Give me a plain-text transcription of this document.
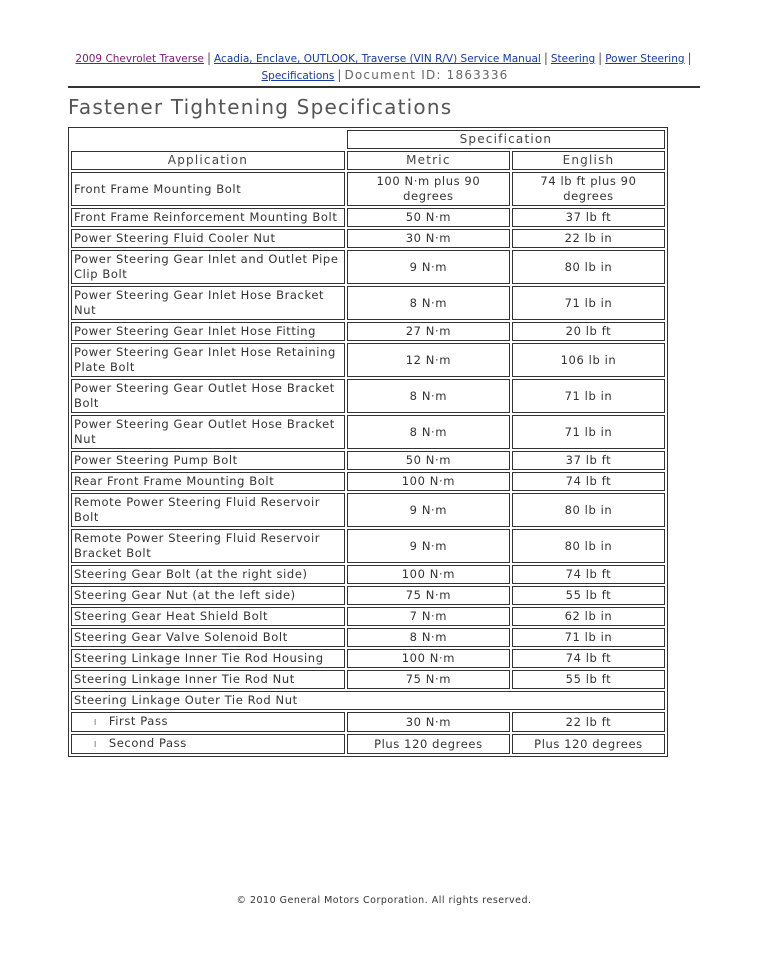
2009 Chevrolet Traverse | Acadia, Enclave, OUTLOOK, Traverse (VIN R/V) Service Manual | Steering | Power Steering |
Specifications | Document ID: 1863336
Fastener Tightening Specifications
	Specification	
Application	Metric	English
Front Frame Mounting Bolt	100 N·m plus 90 degrees	74 lb ft plus 90 degrees
Front Frame Reinforcement Mounting Bolt	50 N·m	37 lb ft
Power Steering Fluid Cooler Nut	30 N·m	22 lb in
Power Steering Gear Inlet and Outlet Pipe Clip Bolt	9 N·m	80 lb in
Power Steering Gear Inlet Hose Bracket Nut	8 N·m	71 lb in
Power Steering Gear Inlet Hose Fitting	27 N·m	20 lb ft
Power Steering Gear Inlet Hose Retaining Plate Bolt	12 N·m	106 lb in
Power Steering Gear Outlet Hose Bracket Bolt	8 N·m	71 lb in
Power Steering Gear Outlet Hose Bracket Nut	8 N·m	71 lb in
Power Steering Pump Bolt	50 N·m	37 lb ft
Rear Front Frame Mounting Bolt	100 N·m	74 lb ft
Remote Power Steering Fluid Reservoir Bolt	9 N·m	80 lb in
Remote Power Steering Fluid Reservoir Bracket Bolt	9 N·m	80 lb in
Steering Gear Bolt (at the right side)	100 N·m	74 lb ft
Steering Gear Nut (at the left side)	75 N·m	55 lb ft
Steering Gear Heat Shield Bolt	7 N·m	62 lb in
Steering Gear Valve Solenoid Bolt	8 N·m	71 lb in
Steering Linkage Inner Tie Rod Housing	100 N·m	74 lb ft
Steering Linkage Inner Tie Rod Nut	75 N·m	55 lb ft
Steering Linkage Outer Tie Rod Nut		
l First Pass	30 N·m	22 lb ft
l Second Pass	Plus 120 degrees	Plus 120 degrees
© 2010 General Motors Corporation. All rights reserved.
